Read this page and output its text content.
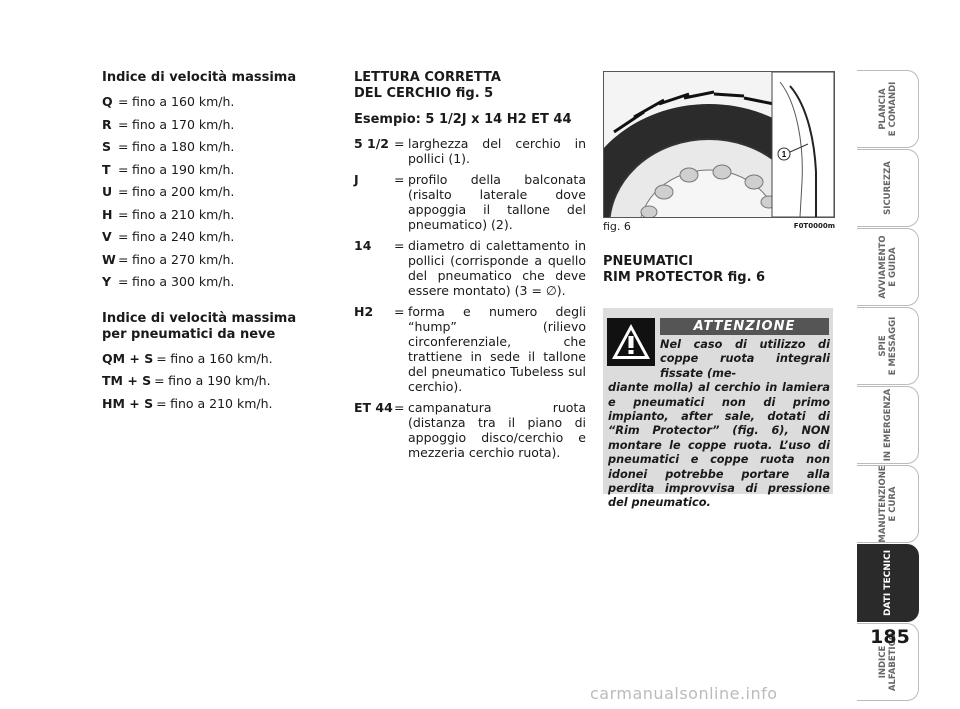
Indice di velocità massima
Q = fino a 160 km/h.
R = fino a 170 km/h.
S = fino a 180 km/h.
T = fino a 190 km/h.
U = fino a 200 km/h.
H = fino a 210 km/h.
V = fino a 240 km/h.
W = fino a 270 km/h.
Y = fino a 300 km/h.
Indice di velocità massima
per pneumatici da neve
QM + S = fino a 160 km/h.
TM + S = fino a 190 km/h.
HM + S = fino a 210 km/h.
LETTURA CORRETTA
DEL CERCHIO fig. 5
Esempio: 5 1/2J x 14 H2 ET 44
5 1/2 = larghezza del cerchio in pollici (1).
J	= profilo della balconata (risalto laterale dove appoggia il tallone del pneumatico) (2).
14	= diametro di calettamento in pollici (corrisponde a quello del pneumatico che deve essere montato) (3 = ∅).
H2	= forma e numero degli “hump” (rilievo circonferenziale, che trattiene in sede il tallone del pneumatico Tubeless sul cerchio).
ET 44 = campanatura ruota (distanza tra il piano di appoggio disco/cerchio e mezzeria cerchio ruota).
1
fig. 6	F0T0000m
PNEUMATICI
RIM PROTECTOR fig. 6
ATTENZIONE
Nel caso di utilizzo di coppe ruota integrali fissate (me-
diante molla) al cerchio in lamiera e pneumatici non di primo impianto, after sale, dotati di “Rim Protector” (fig. 6), NON montare le coppe ruota. L’uso di pneumatici e coppe ruota non idonei potrebbe portare alla perdita improvvisa di pressione del pneumatico.
PLANCIA
E COMANDI
SICUREZZA
AVVIAMENTO
E GUIDA
SPIE
E MESSAGGI
IN EMERGENZA
MANUTENZIONE
E CURA
DATI TECNICI
INDICE
ALFABETICO
185
carmanualsonline.info
